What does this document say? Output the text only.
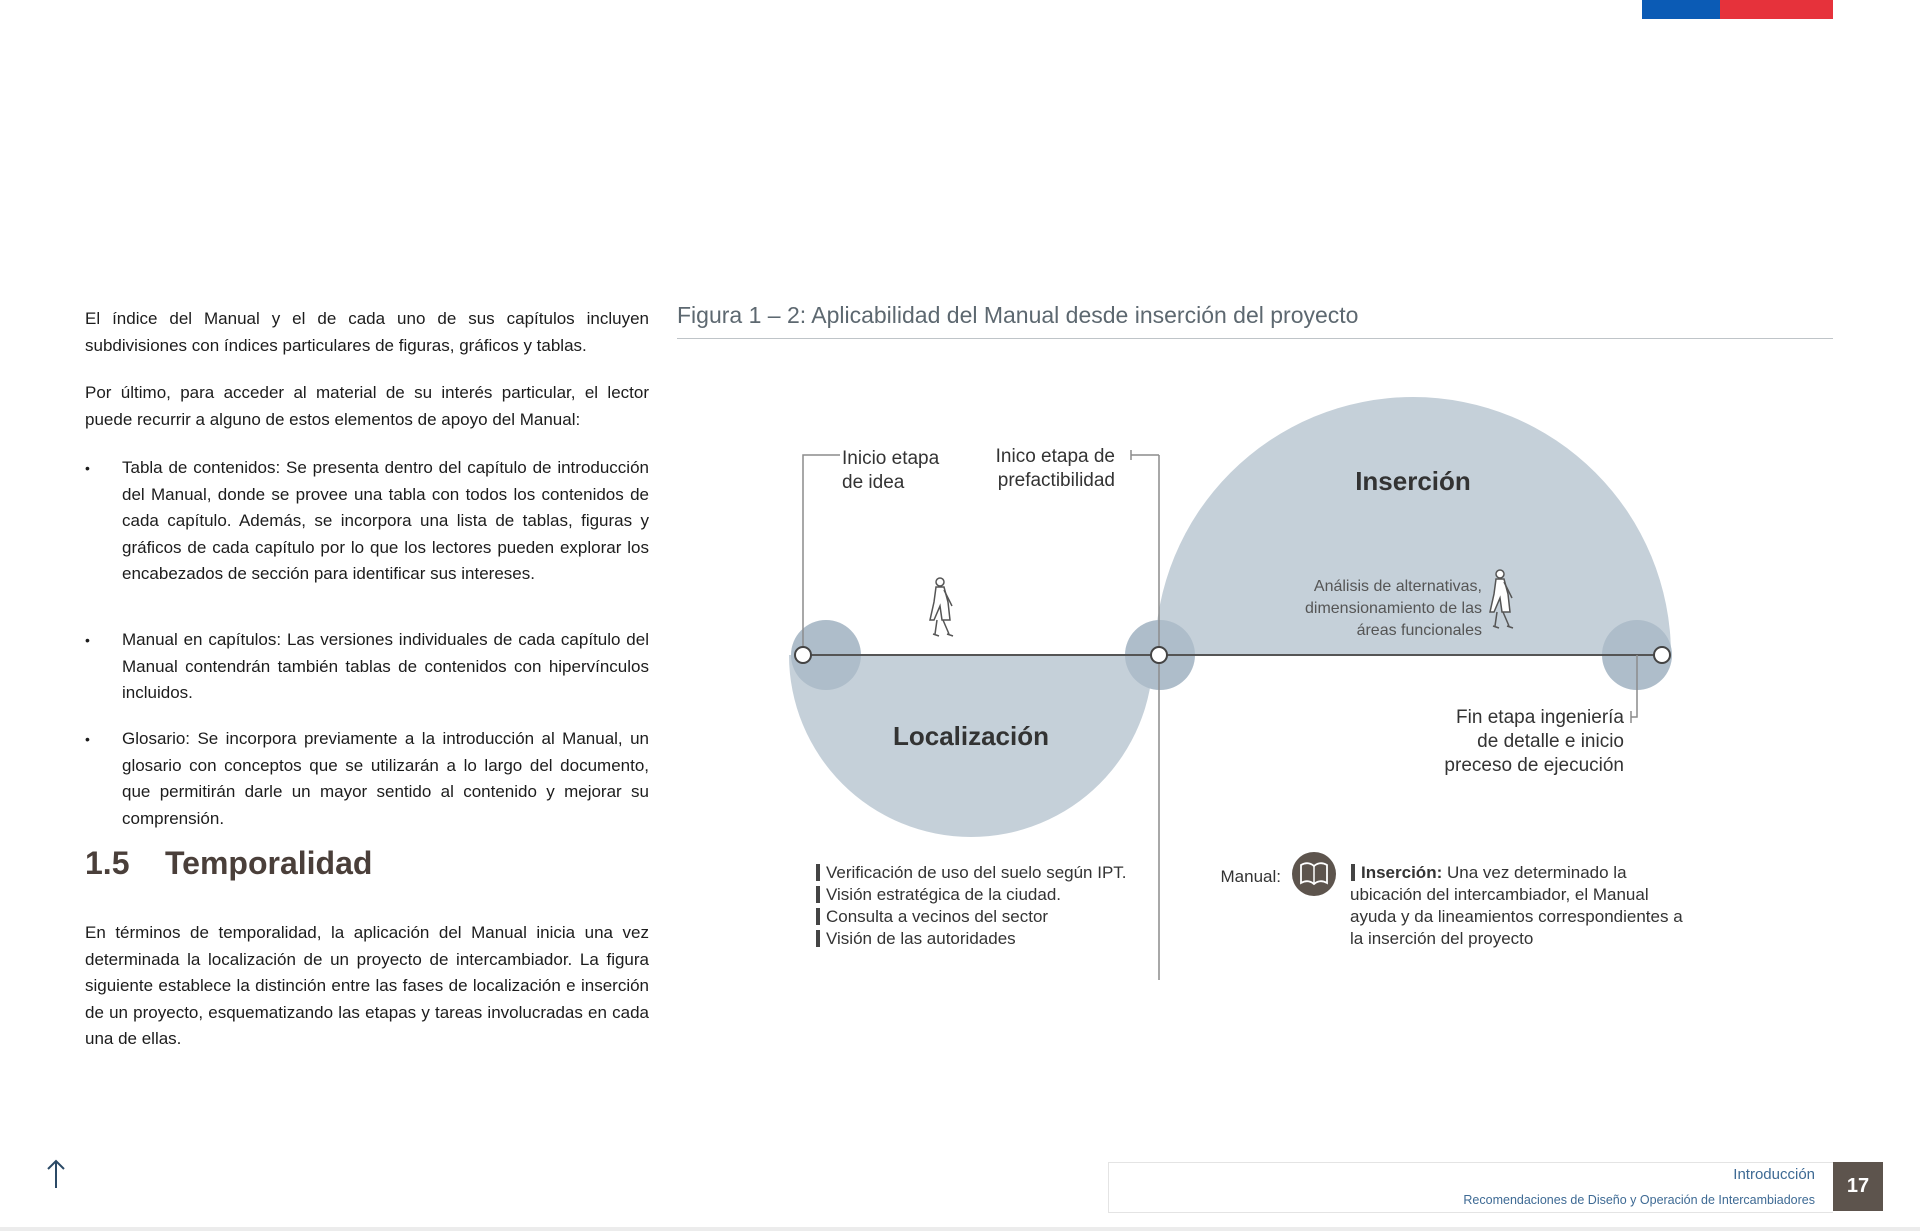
El índice del Manual y el de cada uno de sus capítulos incluyen subdivisiones con índices particulares de figuras, gráficos y tablas.

Por último, para acceder al material de su interés particular, el lector puede recurrir a alguno de estos elementos de apoyo del Manual:

• Tabla de contenidos: Se presenta dentro del capítulo de introducción del Manual, donde se provee una tabla con todos los contenidos de cada capítulo. Además, se incorpora una lista de tablas, figuras y gráficos de cada capítulo por lo que los lectores pueden explorar los encabezados de sección para identificar sus intereses.
• Manual en capítulos: Las versiones individuales de cada capítulo del Manual contendrán también tablas de contenidos con hipervínculos incluidos.
• Glosario: Se incorpora previamente a la introducción al Manual, un glosario con conceptos que se utilizarán a lo largo del documento, que permitirán darle un mayor sentido al contenido y mejorar su comprensión.
1.5 Temporalidad

En términos de temporalidad, la aplicación del Manual inicia una vez determinada la localización de un proyecto de intercambiador. La figura siguiente establece la distinción entre las fases de localización e inserción de un proyecto, esquematizando las etapas y tareas involucradas en cada una de ellas.

Figura 1 – 2: Aplicabilidad del Manual desde inserción del proyecto
Inicio etapa
de idea
Inico etapa de
prefactibilidad	Inserción
Localización
Análisis de alternativas,
dimensionamiento de las
áreas funcionales
Fin etapa ingeniería
de detalle e inicio
preceso de ejecución
Verificación de uso del suelo según IPT.
Visión estratégica de la ciudad.
Consulta a vecinos del sector
Visión de las autoridades
Manual:	Inserción: Una vez determinado la
ubicación del intercambiador, el Manual
ayuda y da lineamientos correspondientes a
la inserción del proyecto
Introducción
Recomendaciones de Diseño y Operación de Intercambiadores
17
